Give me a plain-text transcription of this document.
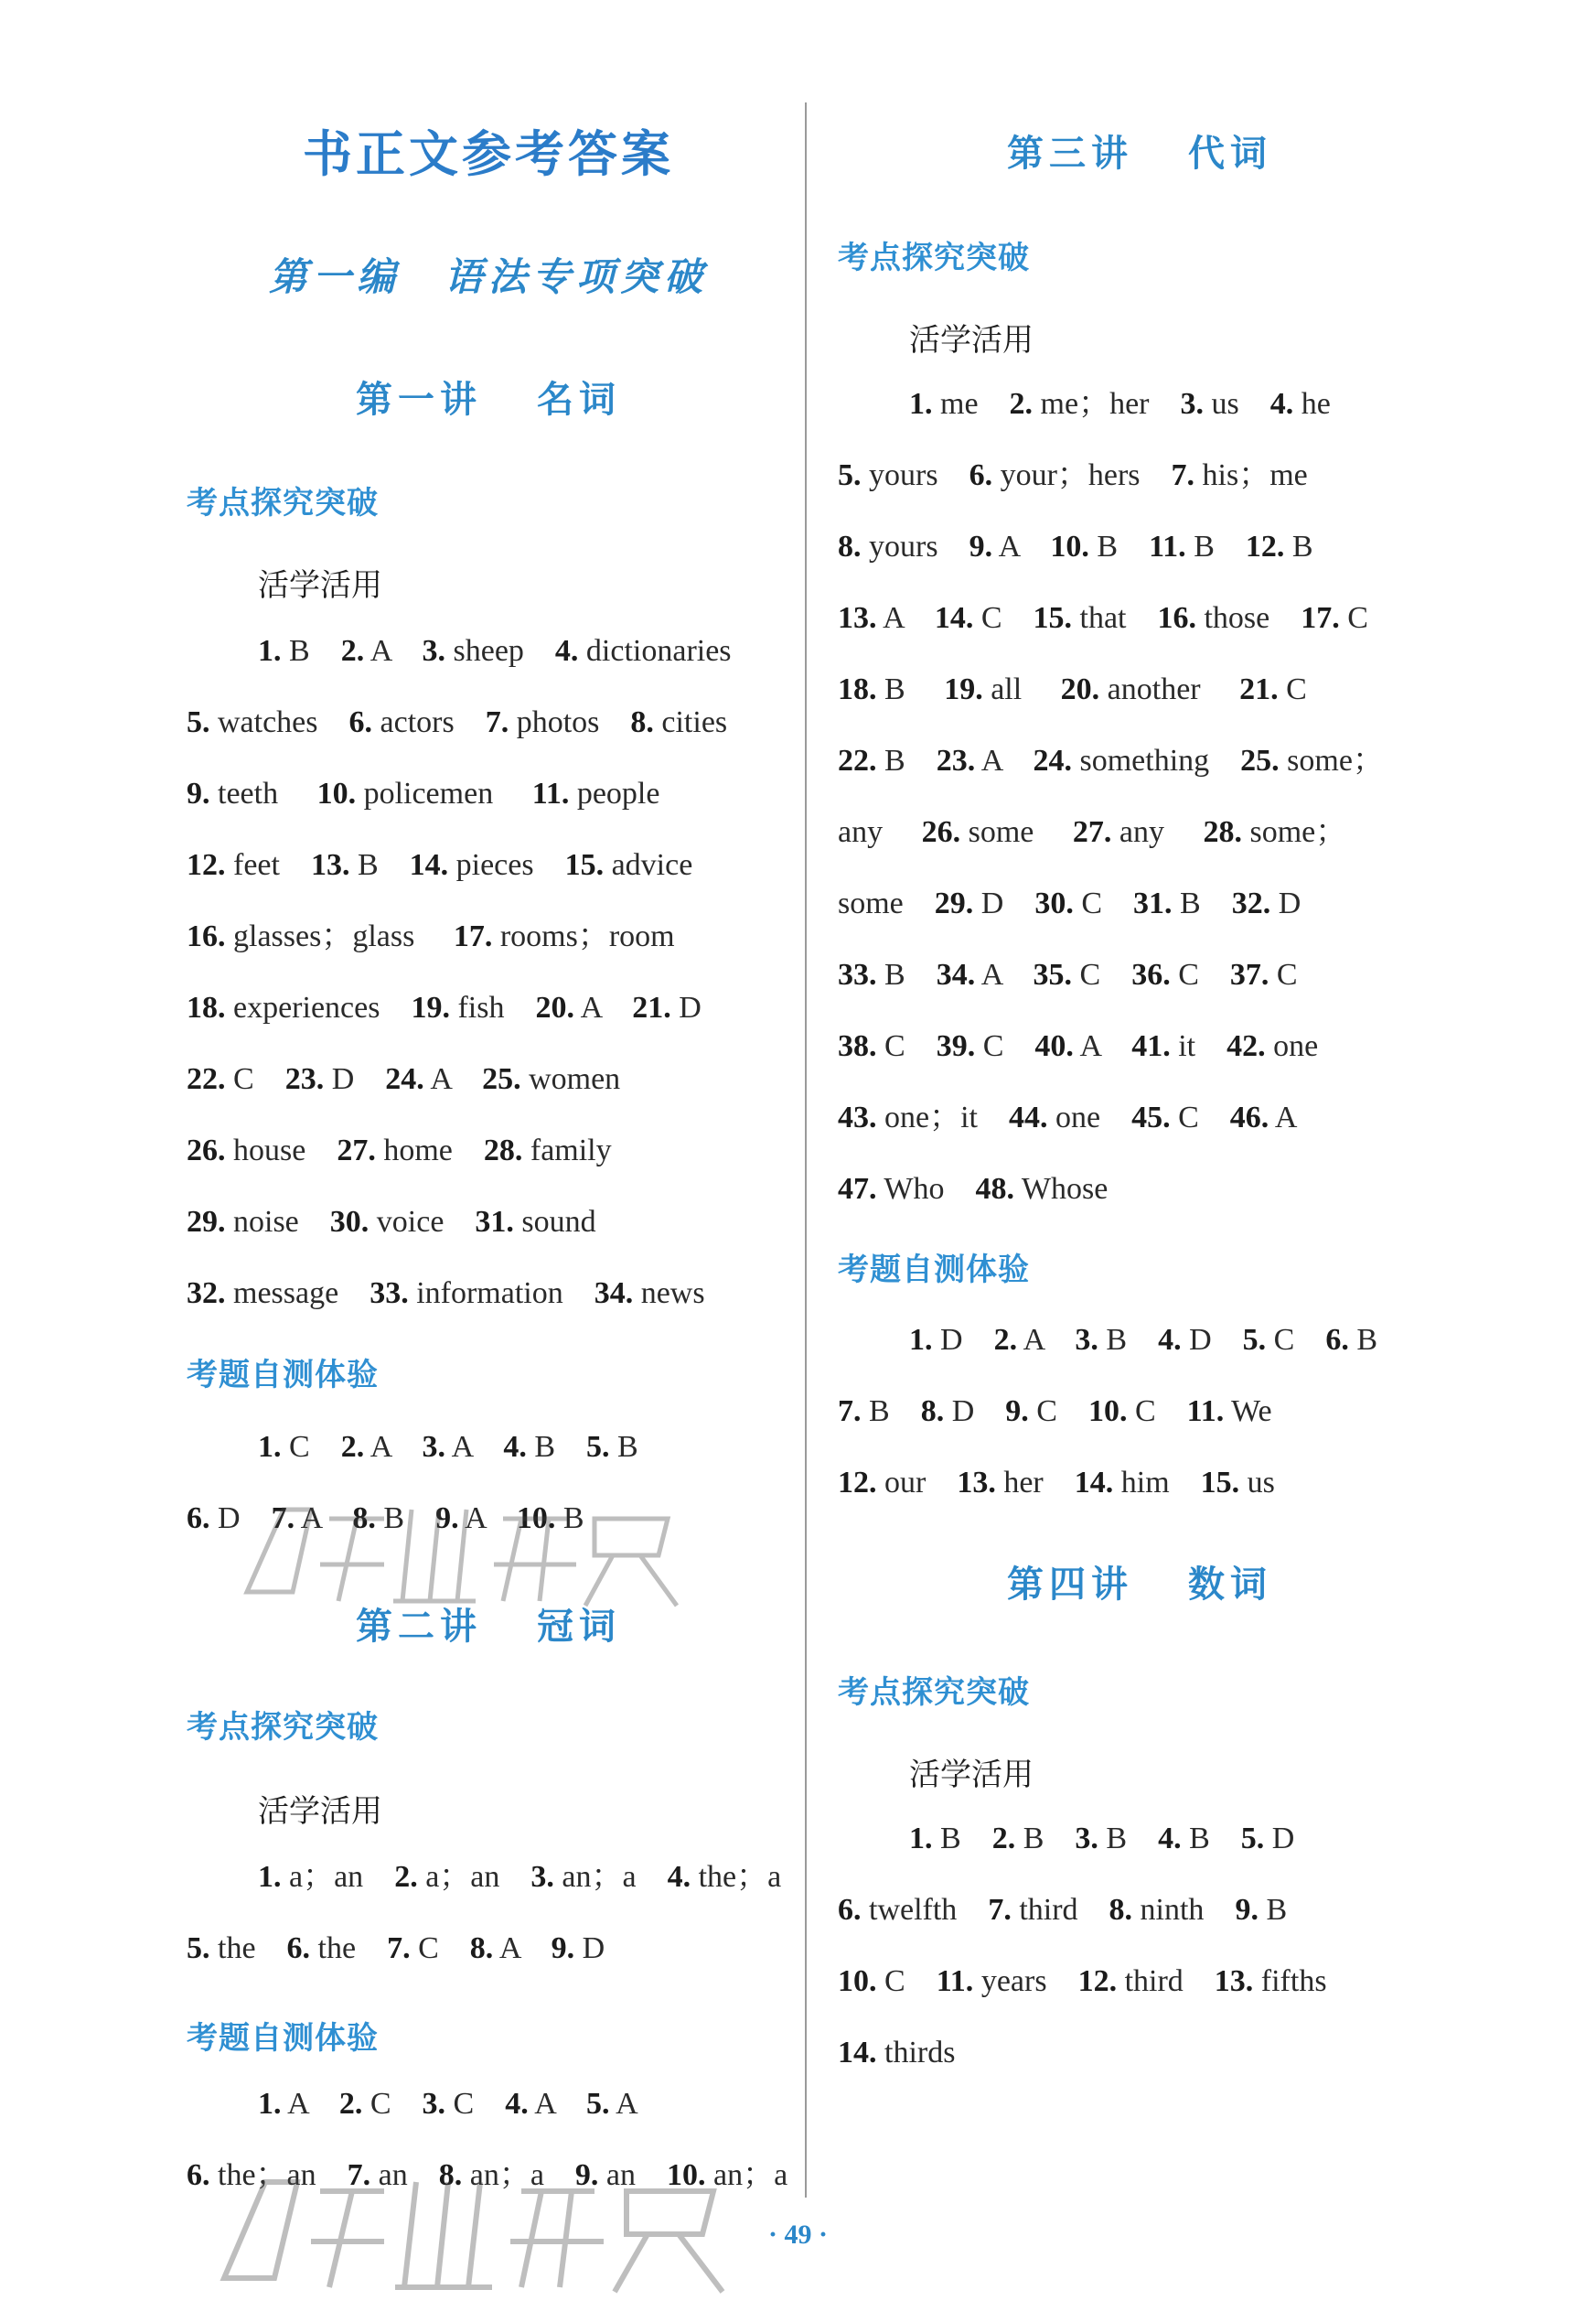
书正文参考答案
第一编　语法专项突破
第一讲 名词
考点探究突破
活学活用
1. B    2. A    3. sheep    4. dictionaries
5. watches    6. actors    7. photos    8. cities
9. teeth     10. policemen     11. people
12. feet    13. B    14. pieces    15. advice
16. glasses；glass     17. rooms；room
18. experiences    19. fish    20. A    21. D
22. C    23. D    24. A    25. women
26. house    27. home    28. family
29. noise    30. voice    31. sound
32. message    33. information    34. news
考题自测体验
1. C    2. A    3. A    4. B    5. B
6. D    7. A    8. B    9. A    10. B
第二讲 冠词
考点探究突破
活学活用
1. a；an    2. a；an    3. an；a    4. the；a
5. the    6. the    7. C    8. A    9. D
考题自测体验
1. A    2. C    3. C    4. A    5. A
6. the；an    7. an    8. an；a    9. an    10. an；a
第三讲 代词
考点探究突破
活学活用
1. me    2. me；her    3. us    4. he
5. yours    6. your；hers    7. his；me
8. yours    9. A    10. B    11. B    12. B
13. A    14. C    15. that    16. those    17. C
18. B     19. all     20. another     21. C
22. B    23. A    24. something    25. some；
any     26. some     27. any     28. some；
some    29. D    30. C    31. B    32. D
33. B    34. A    35. C    36. C    37. C
38. C    39. C    40. A    41. it    42. one
43. one；it    44. one    45. C    46. A
47. Who    48. Whose
考题自测体验
1. D    2. A    3. B    4. D    5. C    6. B
7. B    8. D    9. C    10. C    11. We
12. our    13. her    14. him    15. us
第四讲 数词
考点探究突破
活学活用
1. B    2. B    3. B    4. B    5. D
6. twelfth    7. third    8. ninth    9. B
10. C    11. years    12. third    13. fifths
14. thirds
· 49 ·
